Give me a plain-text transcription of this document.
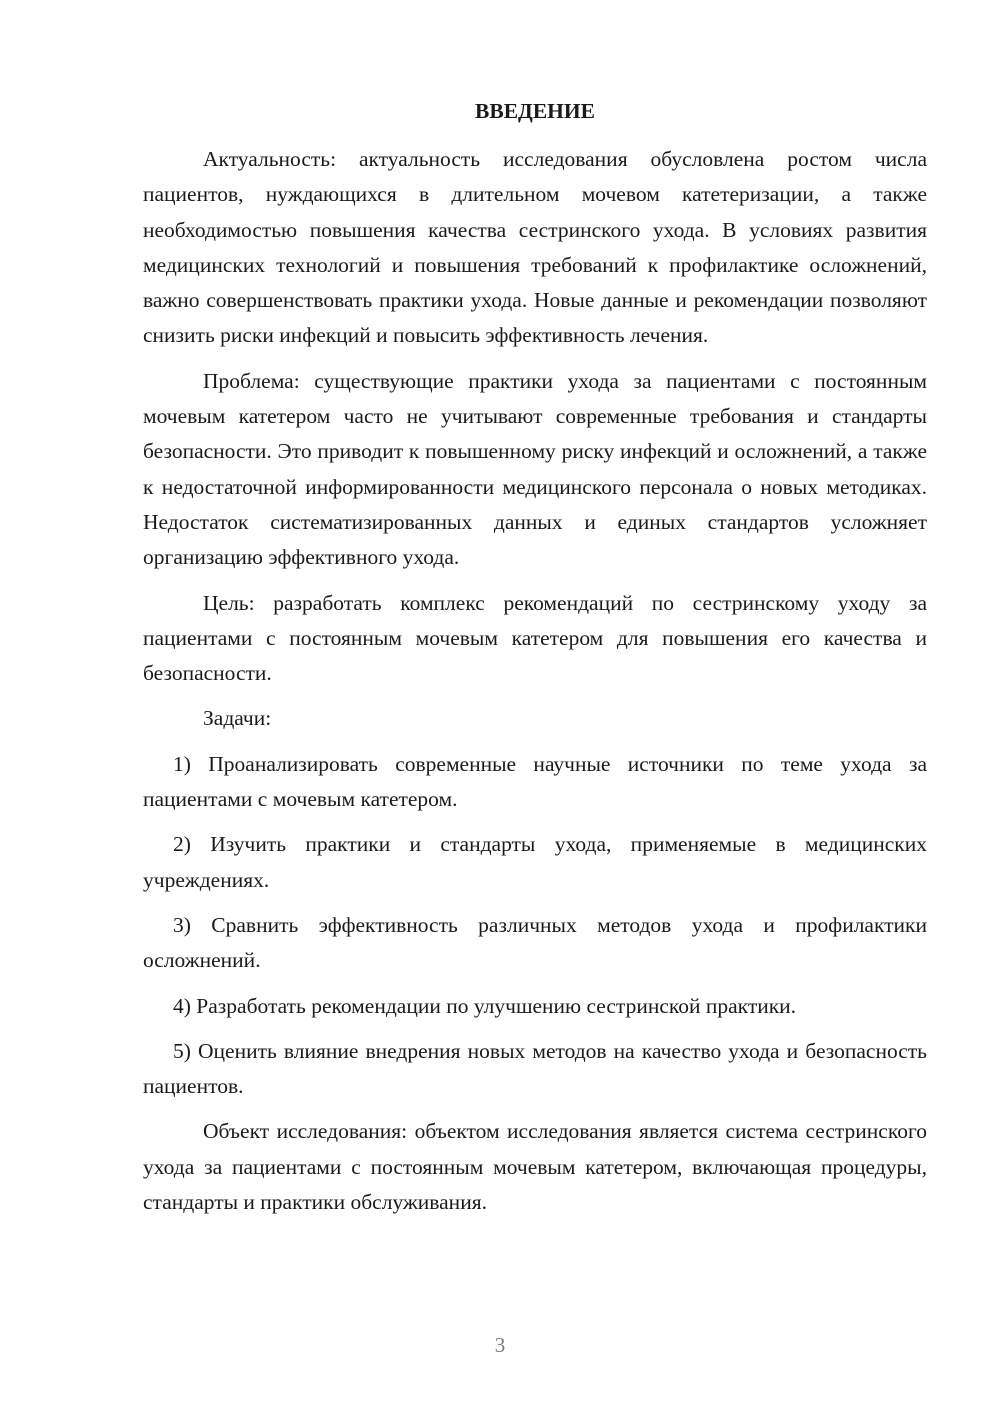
ВВЕДЕНИЕ

Актуальность: актуальность исследования обусловлена ростом числа пациентов, нуждающихся в длительном мочевом катетеризации, а также необходимостью повышения качества сестринского ухода. В условиях развития медицинских технологий и повышения требований к профилактике осложнений, важно совершенствовать практики ухода. Новые данные и рекомендации позволяют снизить риски инфекций и повысить эффективность лечения.

Проблема: существующие практики ухода за пациентами с постоянным мочевым катетером часто не учитывают современные требования и стандарты безопасности. Это приводит к повышенному риску инфекций и осложнений, а также к недостаточной информированности медицинского персонала о новых методиках. Недостаток систематизированных данных и единых стандартов усложняет организацию эффективного ухода.

Цель: разработать комплекс рекомендаций по сестринскому уходу за пациентами с постоянным мочевым катетером для повышения его качества и безопасности.

Задачи:

1) Проанализировать современные научные источники по теме ухода за пациентами с мочевым катетером.

2) Изучить практики и стандарты ухода, применяемые в медицинских учреждениях.

3) Сравнить эффективность различных методов ухода и профилактики осложнений.

4) Разработать рекомендации по улучшению сестринской практики.

5) Оценить влияние внедрения новых методов на качество ухода и безопасность пациентов.

Объект исследования: объектом исследования является система сестринского ухода за пациентами с постоянным мочевым катетером, включающая процедуры, стандарты и практики обслуживания.

3
